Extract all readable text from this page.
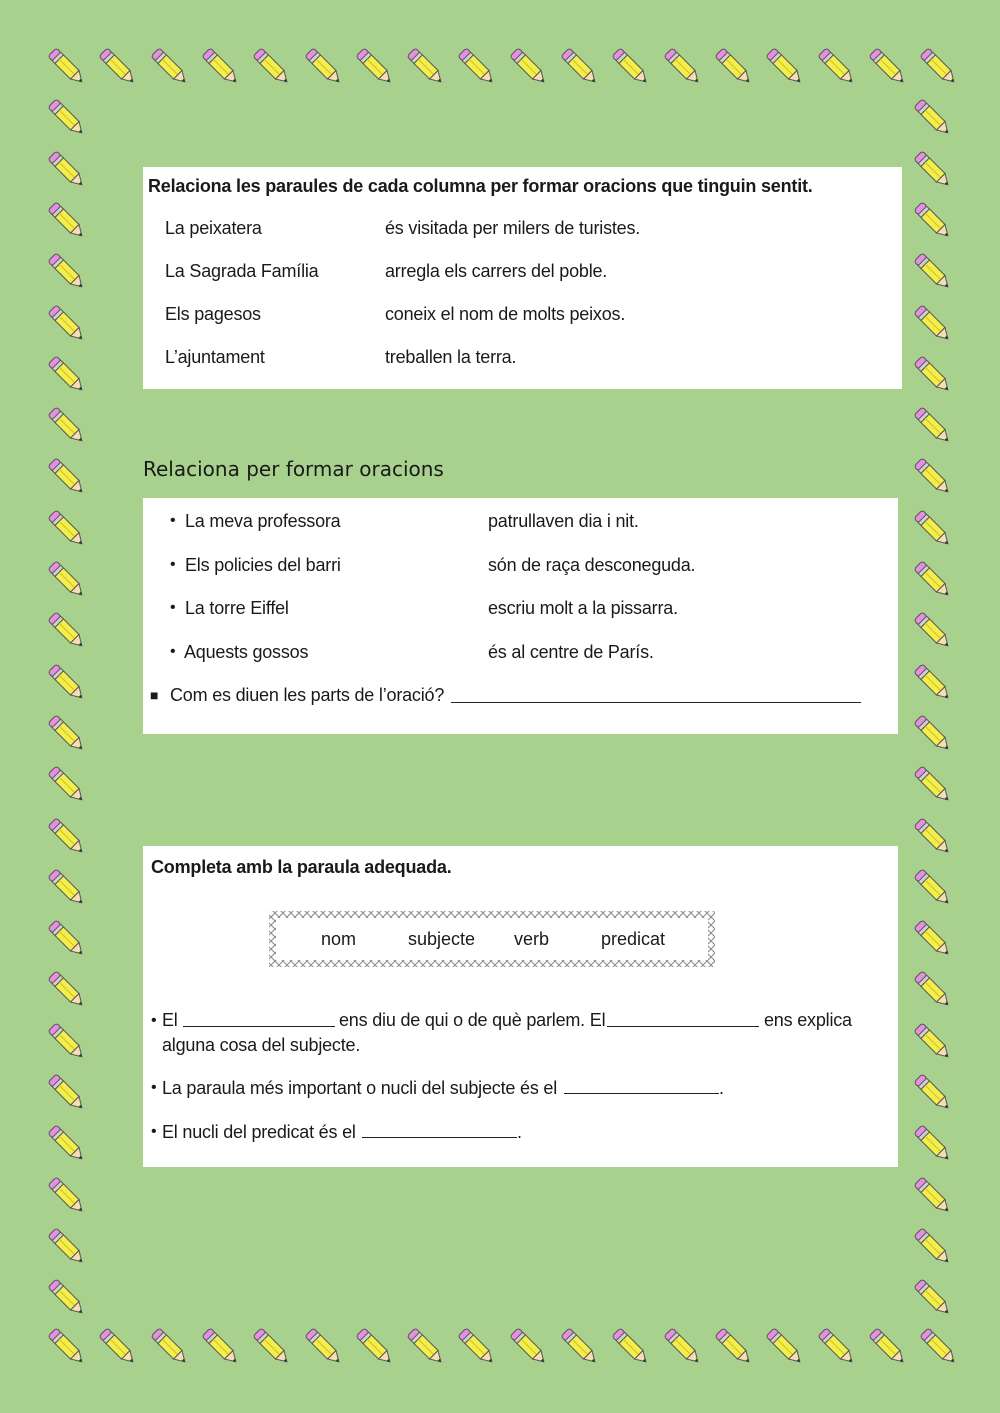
Relaciona les paraules de cada columna per formar oracions que tinguin sentit.
La peixatera	és visitada per milers de turistes.
La Sagrada Família	arregla els carrers del poble.
Els pagesos	coneix el nom de molts peixos.
L’ajuntament	treballen la terra.
Relaciona per formar oracions
• La meva professora	patrullaven dia i nit.
• Els policies del barri	són de raça desconeguda.
• La torre Eiffel	escriu molt a la pissarra.
• Aquests gossos	és al centre de París.
■ Com es diuen les parts de l’oració?
Completa amb la paraula adequada.
• El	ens diu de qui o de què parlem. El	ens explica
alguna cosa del subjecte.
• La paraula més important o nucli del subjecte és el	.
• El nucli del predicat és el	.
nom	subjecte verb	predicat
